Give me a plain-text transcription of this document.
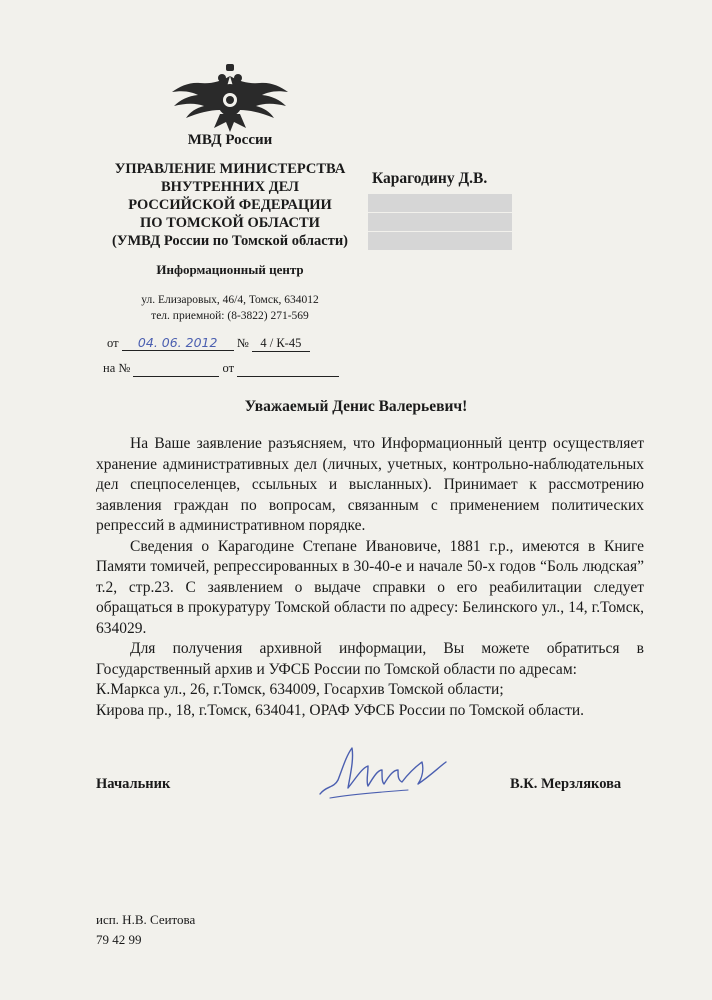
МВД России
УПРАВЛЕНИЕ МИНИСТЕРСТВА
ВНУТРЕННИХ ДЕЛ
РОССИЙСКОЙ ФЕДЕРАЦИИ
ПО ТОМСКОЙ ОБЛАСТИ
(УМВД России по Томской области)
Информационный центр
ул. Елизаровых, 46/4, Томск, 634012
тел. приемной: (8-3822) 271-569
от 04. 06. 2012 № 4 / К-45
на №	от
Карагодину Д.В.
Уважаемый Денис Валерьевич!

На Ваше заявление разъясняем, что Информационный центр осуществляет хранение административных дел (личных, учетных, контрольно-наблюдательных дел спецпоселенцев, ссыльных и высланных). Принимает к рассмотрению заявления граждан по вопросам, связанным с применением политических репрессий в административном порядке.

Сведения о Карагодине Степане Ивановиче, 1881 г.р., имеются в Книге Памяти томичей, репрессированных в 30-40-е и начале 50-х годов “Боль людская” т.2, стр.23. С заявлением о выдаче справки о его реабилитации следует обращаться в прокуратуру Томской области по адресу: Белинского ул., 14, г.Томск, 634029.

Для получения архивной информации, Вы можете обратиться в Государственный архив и УФСБ России по Томской области по адресам:

К.Маркса ул., 26, г.Томск, 634009, Госархив Томской области;

Кирова пр., 18, г.Томск, 634041, ОРАФ УФСБ России по Томской области.

Начальник	В.К. Мерзлякова
исп. Н.В. Сеитова
79 42 99
